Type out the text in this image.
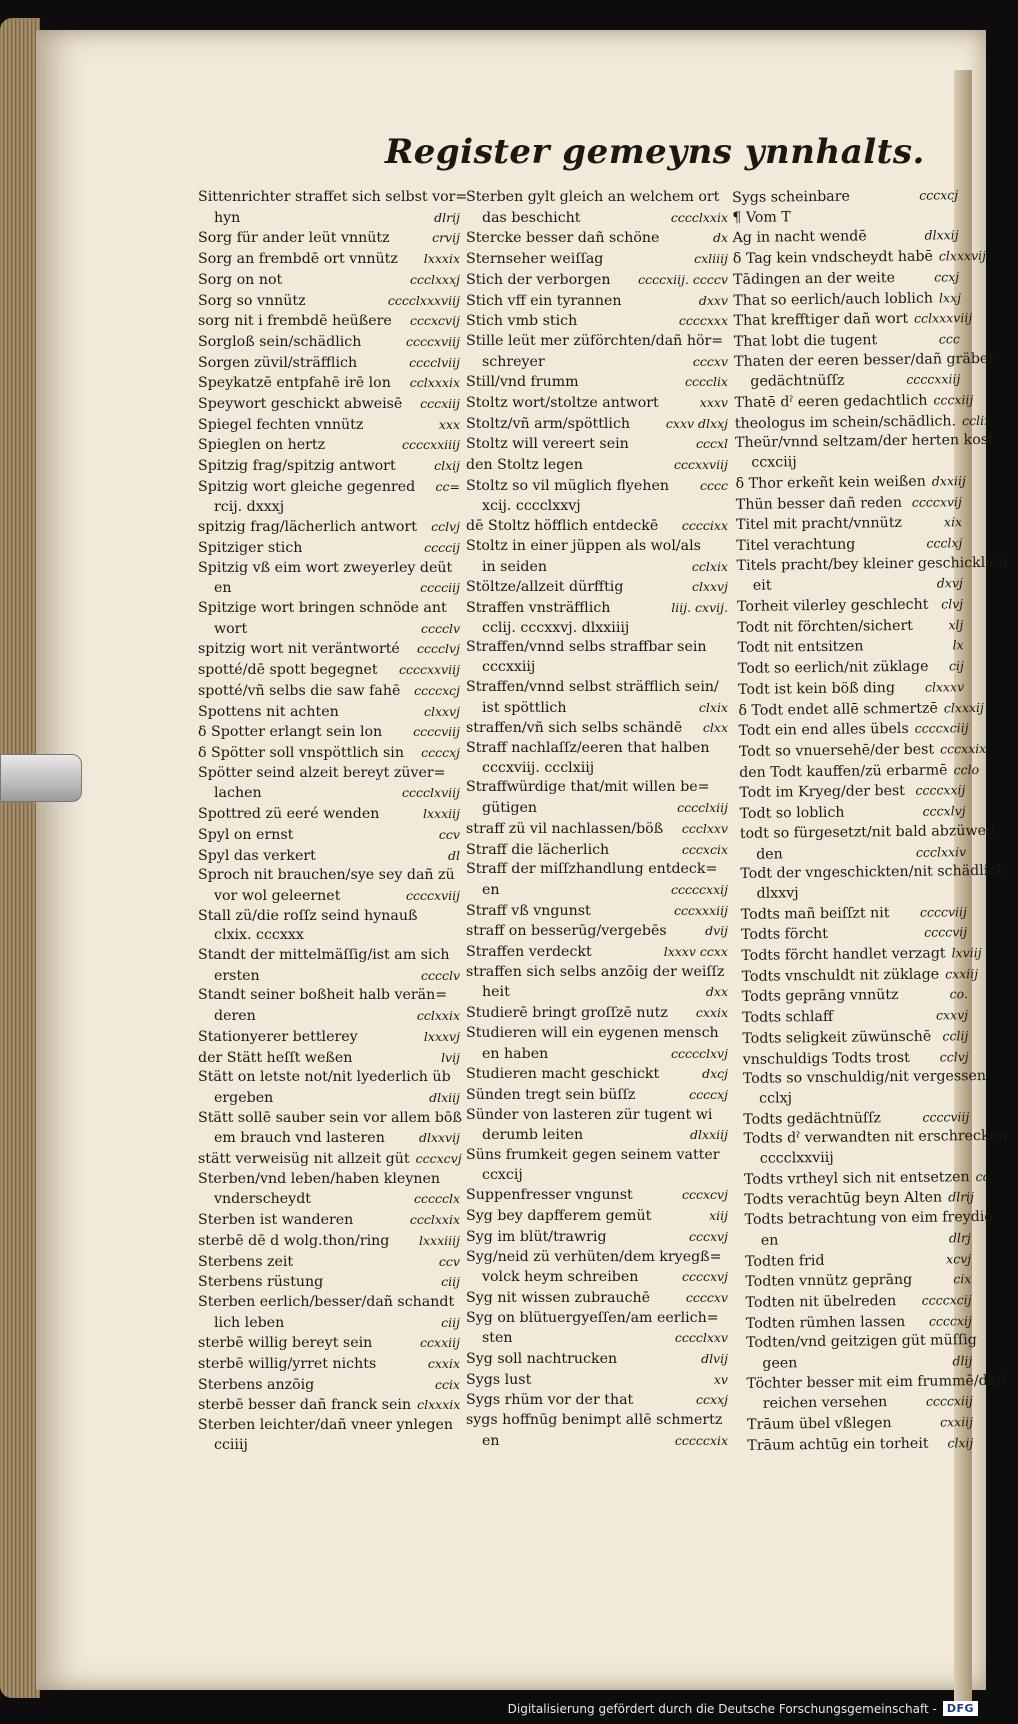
Register gemeyns ynnhalts.
Sittenrichter straffet sich selbst vor=
hyn	dlrij
Sorg für ander leüt vnnütz	crvij
Sorg an frembdē ort vnnütz lxxxix
Sorg on not	ccclxxxj
Sorg so vnnütz	cccclxxxviij
sorg nit i frembdē heüßere cccxcvij
Sorgloß sein/schädlich	ccccxviij
Sorgen züvil/sträfflich	cccclviij
Speykatzē entpfahē irē lon cclxxxix
Speywort geschickt abweisē cccxiij
Spiegel fechten vnnütz	xxx
Spieglen on hertz	ccccxxiiij
Spitzig frag/spitzig antwort	clxij
Spitzig wort gleiche gegenred cc=
rcij. dxxxj
spitzig frag/lächerlich antwort cclvj
Spitziger stich	ccccij
Spitzig vß eim wort zweyerley deüt
en	cccciij
Spitzige wort bringen schnöde ant
wort	cccclv
spitzig wort nit veräntworté cccclvj
spotté/dē spott begegnet ccccxxviij
spotté/vñ selbs die saw fahē ccccxcj
Spottens nit achten	clxxvj
δ Spotter erlangt sein lon ccccviij
δ Spötter soll vnspöttlich sin ccccxj
Spötter seind alzeit bereyt züver=
lachen	cccclxviij
Spottred zü eeré wenden	lxxxiij
Spyl on ernst	ccv
Spyl das verkert	dl
Sproch nit brauchen/sye sey dañ zü
vor wol geleernet	ccccxviij
Stall zü/die roſſz seind hynauß
clxix. cccxxx
Standt der mittelmäſſig/ist am sich
ersten	cccclv
Standt seiner boßheit halb verän=
deren	cclxxix
Stationyerer bettlerey	lxxxvj
der Stätt heſſt weßen	lvij
Stätt on letste not/nit lyederlich üb
ergeben	dlxiij
Stätt sollē sauber sein vor allem bōß
em brauch vnd lasteren	dlxxvij
stätt verweisüg nit allzeit güt cccxcvj
Sterben/vnd leben/haben kleynen
vnderscheydt	ccccclx
Sterben ist wanderen	ccclxxix
sterbē dē d wolg.thon/ring lxxxiiij
Sterbens zeit	ccv
Sterbens rüstung	ciij
Sterben eerlich/besser/dañ schandt
lich leben	ciij
sterbē willig bereyt sein	ccxxiij
sterbē willig/yrret nichts	cxxix
Sterbens anzōig	ccix
sterbē besser dañ franck sein clxxxix
Sterben leichter/dañ vneer ynlegen
cciiij
Sterben gylt gleich an welchem ort
das beschicht	cccclxxix
Stercke besser dañ schöne	dx
Sternseher weiſſag	cxliiij
Stich der verborgen ccccxiij. ccccv
Stich vff ein tyrannen	dxxv
Stich vmb stich	ccccxxx
Stille leüt mer züförchten/dañ hör=
schreyer	cccxv
Still/vnd frumm	cccclix
Stoltz wort/stoltze antwort	xxxv
Stoltz/vñ arm/spöttlich	cxxv dlxxj
Stoltz will vereert sein	cccxl
den Stoltz legen	cccxxviij
Stoltz so vil müglich flyehen cccc
xcij. cccclxxvj
dē Stoltz höfflich entdeckē ccccixx
Stoltz in einer jüppen als wol/als
in seiden	cclxix
Stöltze/allzeit dürfftig	clxxvj
Straffen vnsträfflich	liij. cxvij.
cclij. cccxxvj. dlxxiiij
Straffen/vnnd selbs straffbar sein
cccxxiij
Straffen/vnnd selbst sträfflich sein/
ist spöttlich	clxix
straffen/vñ sich selbs schändē clxx
Straff nachlaſſz/eeren that halben
cccxviij. ccclxiij
Straffwürdige that/mit willen be=
gütigen	cccclxiij
straff zü vil nachlassen/böß ccclxxv
Straff die lächerlich	cccxcix
Straff der miſſzhandlung entdeck=
en	cccccxxij
Straff vß vngunst	cccxxxiij
straff on besserūg/vergebēs	dvij
Straffen verdeckt	lxxxv ccxx
straffen sich selbs anzōig der weiſſz
heit	dxx
Studierē bringt groſſzē nutz cxxix
Studieren will ein eygenen mensch
en haben	ccccclxvj
Studieren macht geschickt	dxcj
Sünden tregt sein büſſz	ccccxj
Sünder von lasteren zür tugent wi
derumb leiten	dlxxiij
Süns frumkeit gegen seinem vatter
ccxcij
Suppenfresser vngunst	cccxcvj
Syg bey dapfferem gemüt	xiij
Syg im blüt/trawrig	cccxvj
Syg/neid zü verhüten/dem kryegß=
volck heym schreiben	ccccxvj
Syg nit wissen zubrauchē	ccccxv
Syg on blütuergyeſſen/am eerlich=
sten	cccclxxv
Syg soll nachtrucken	dlvij
Sygs lust	xv
Sygs rhüm vor der that	ccxxj
sygs hoffnūg benimpt allē schmertz
en	cccccxix
Sygs scheinbare	cccxcj
¶ Vom T
Ag in nacht wendē	dlxxij
δ Tag kein vndscheydt habē clxxxvij
Tādingen an der weite	ccxj
That so eerlich/auch loblich lxxj
That krefftiger dañ wort cclxxxviij
That lobt die tugent	ccc
Thaten der eeren besser/dañ gräber
gedächtnüſſz	ccccxxiij
Thatē dˀ eeren gedachtlich cccxiij
theologus im schein/schädlich. cclix
Theür/vnnd seltzam/der herten kost
ccxciij
δ Thor erkeñt kein weißen dxxiij
Thün besser dañ reden ccccxvij
Titel mit pracht/vnnütz	xix
Titel verachtung	ccclxj
Titels pracht/bey kleiner geschicklich
eit	dxvj
Torheit vilerley geschlecht clvj
Todt nit förchten/sichert	xlj
Todt nit entsitzen	lx
Todt so eerlich/nit züklage cij
Todt ist kein böß ding clxxxv
δ Todt endet allē schmertzē clxxxij
Todt ein end alles übels ccccxciij
Todt so vnuersehē/der best cccxxix
den Todt kauffen/zü erbarmē cclo
Todt im Kryeg/der best ccccxxij
Todt so loblich	cccxlvj
todt so fürgesetzt/nit bald abzüwen
den	ccclxxiv
Todt der vngeschickten/nit schädlich
dlxxvj
Todts mañ beiſſzt nit ccccviij
Todts förcht	ccccvij
Todts förcht handlet verzagt lxviij
Todts vnschuldt nit züklage cxxiij
Todts geprāng vnnütz	co.
Todts schlaff	cxxvj
Todts seligkeit züwünschē cclij
vnschuldigs Todts trost cclvj
Todts so vnschuldig/nit vergessen
cclxj
Todts gedächtnüſſz	ccccviij
Todts dˀ verwandten nit erschrecken
cccclxxviij
Todts vrtheyl sich nit entsetzen co.
Todts verachtūg beyn Alten dlrij
Todts betrachtung von eim freydig
en	dlrj
Todten frid	xcvj
Todten vnnütz geprāng	cix
Todten nit übelreden ccccxcij
Todten rümhen lassen ccccxij
Todten/vnd geitzigen güt müſſig
geen	dlij
Töchter besser mit eim frummē/dañ
reichen versehen	ccccxiij
Trāum übel vßlegen	cxxiij
Trāum achtūg ein torheit clxij
Digitalisierung gefördert durch die Deutsche Forschungsgemeinschaft - DFG
